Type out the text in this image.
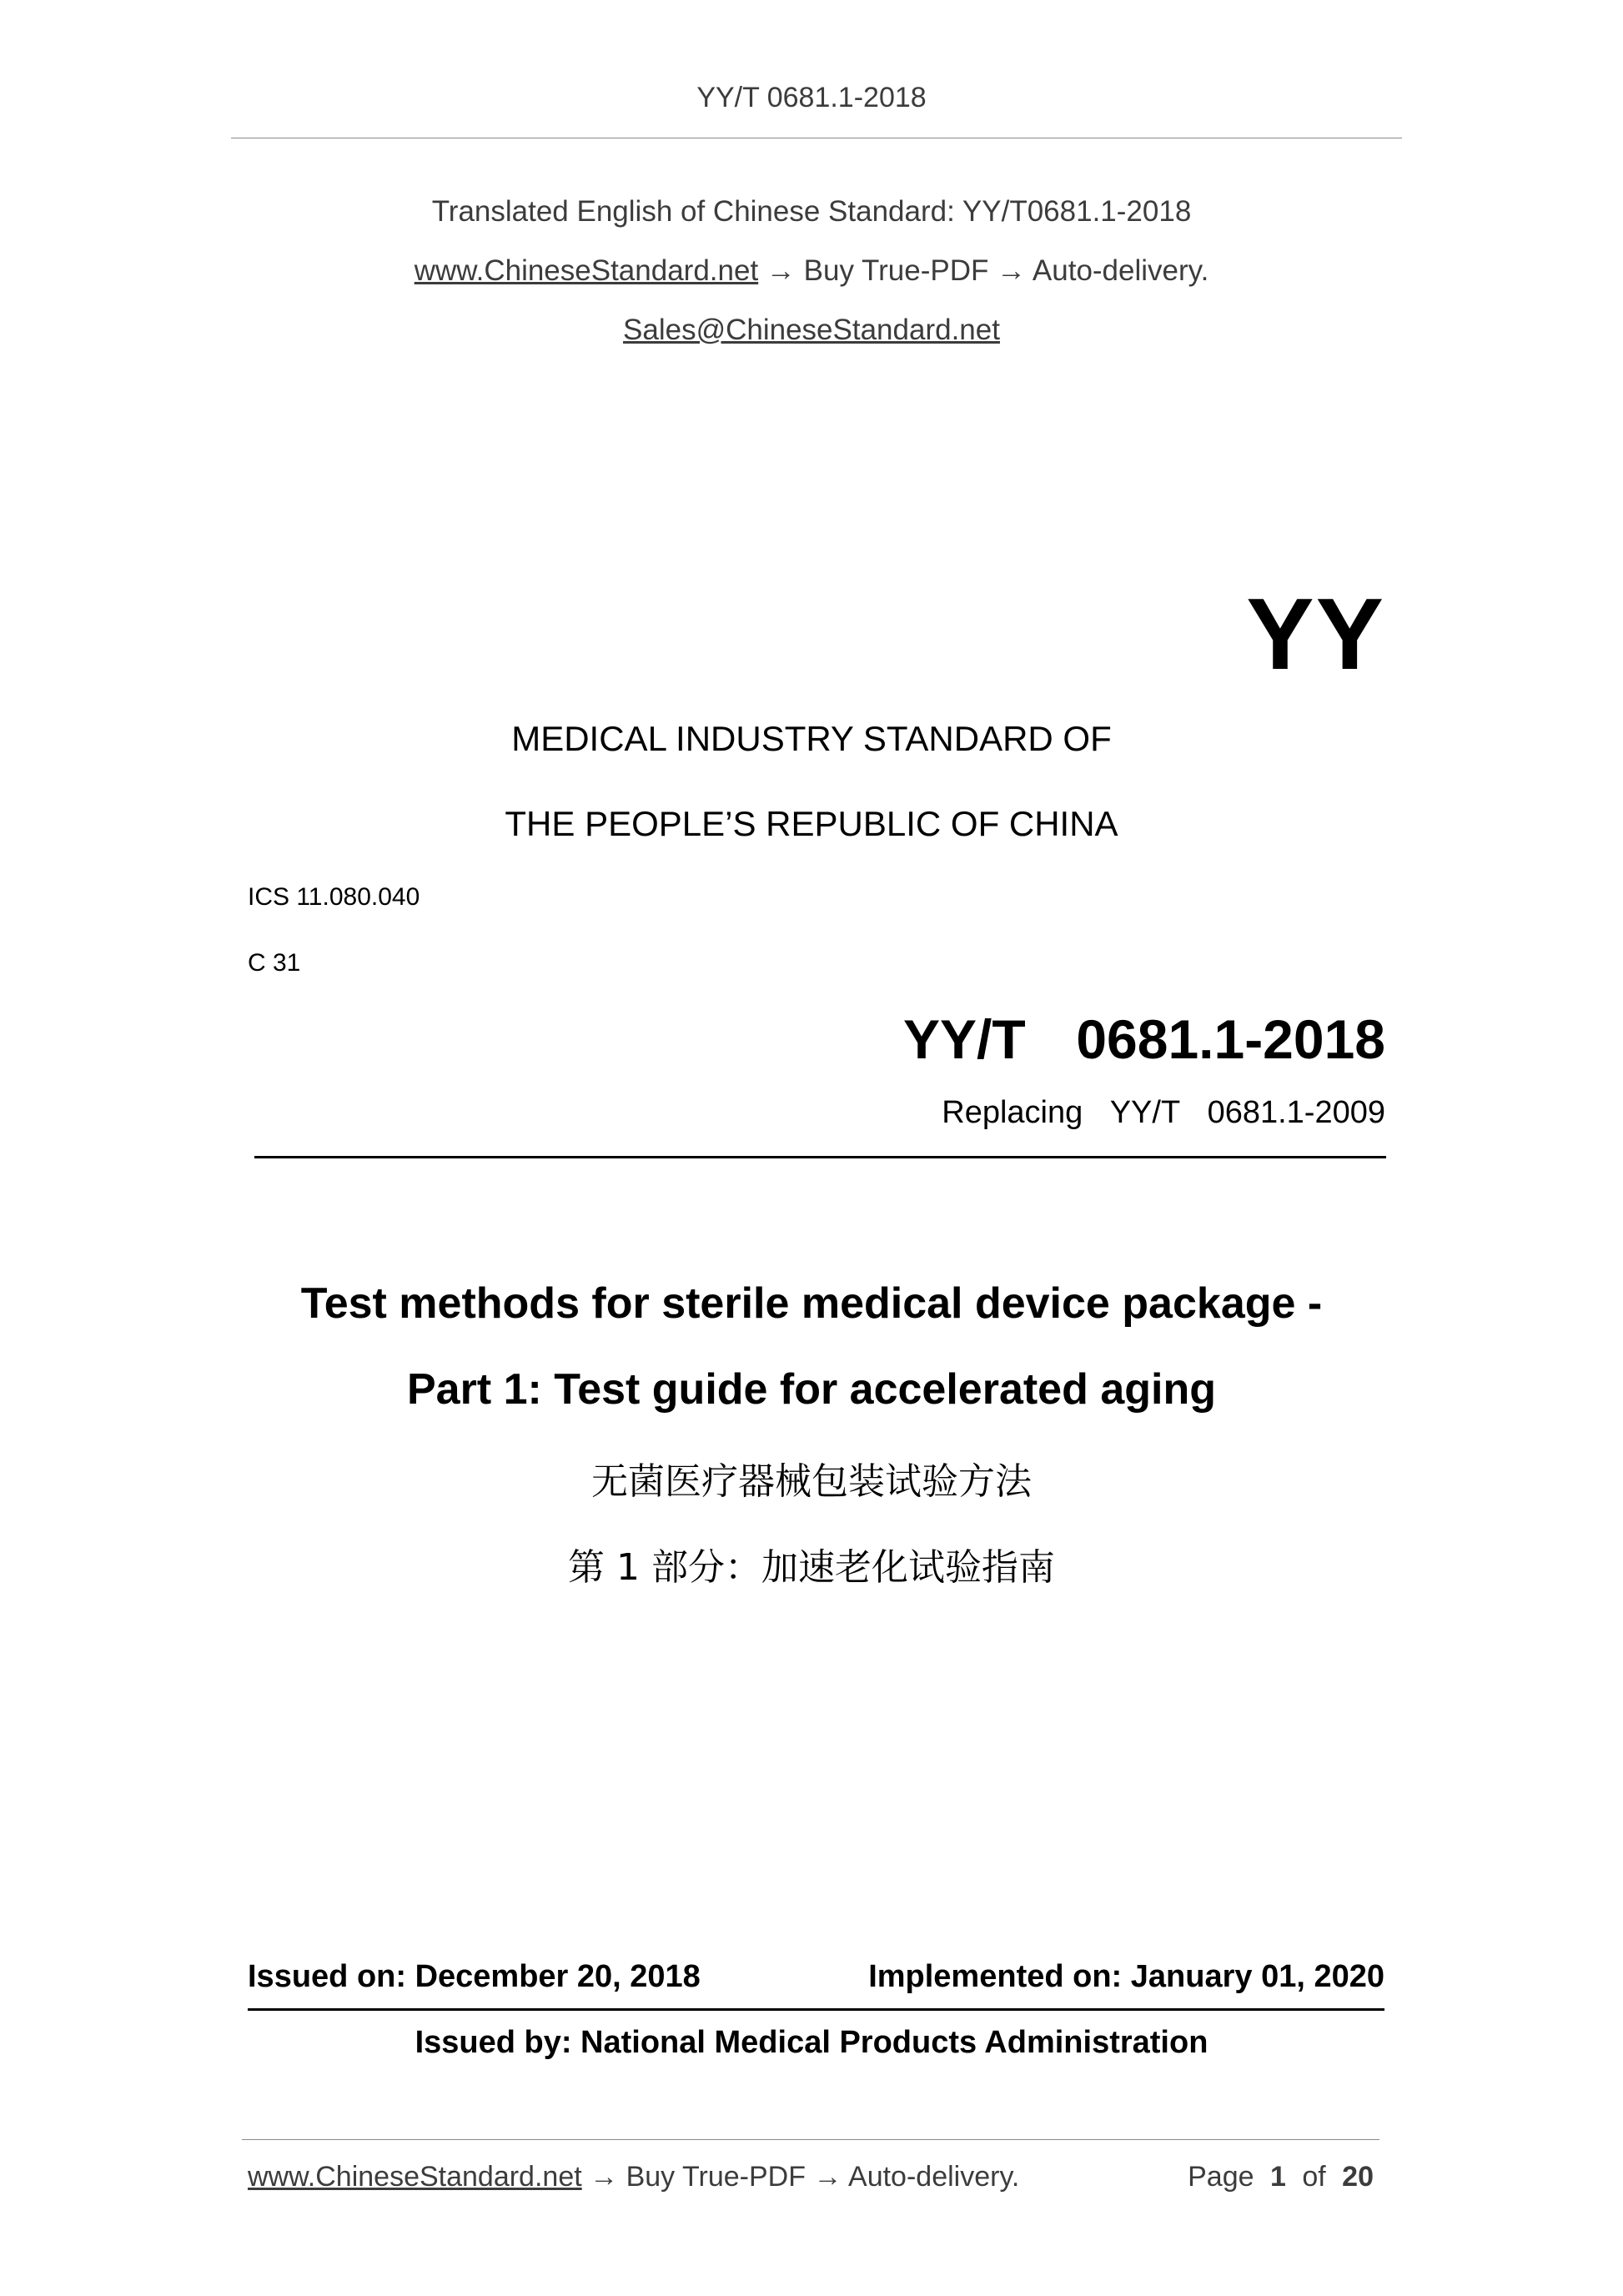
YY/T 0681.1-2018
Translated English of Chinese Standard: YY/T0681.1-2018
www.ChineseStandard.net → Buy True-PDF → Auto-delivery.
Sales@ChineseStandard.net
YY
MEDICAL INDUSTRY STANDARD OF
THE PEOPLE’S REPUBLIC OF CHINA
ICS 11.080.040
C 31
YY/T  0681.1-2018
Replacing  YY/T  0681.1-2009
Test methods for sterile medical device package -
Part 1: Test guide for accelerated aging
无菌医疗器械包装试验方法
第 1 部分：加速老化试验指南
Issued on: December 20, 2018	Implemented on: January 01, 2020
Issued by: National Medical Products Administration
www.ChineseStandard.net → Buy True-PDF → Auto-delivery.	Page 1 of 20
